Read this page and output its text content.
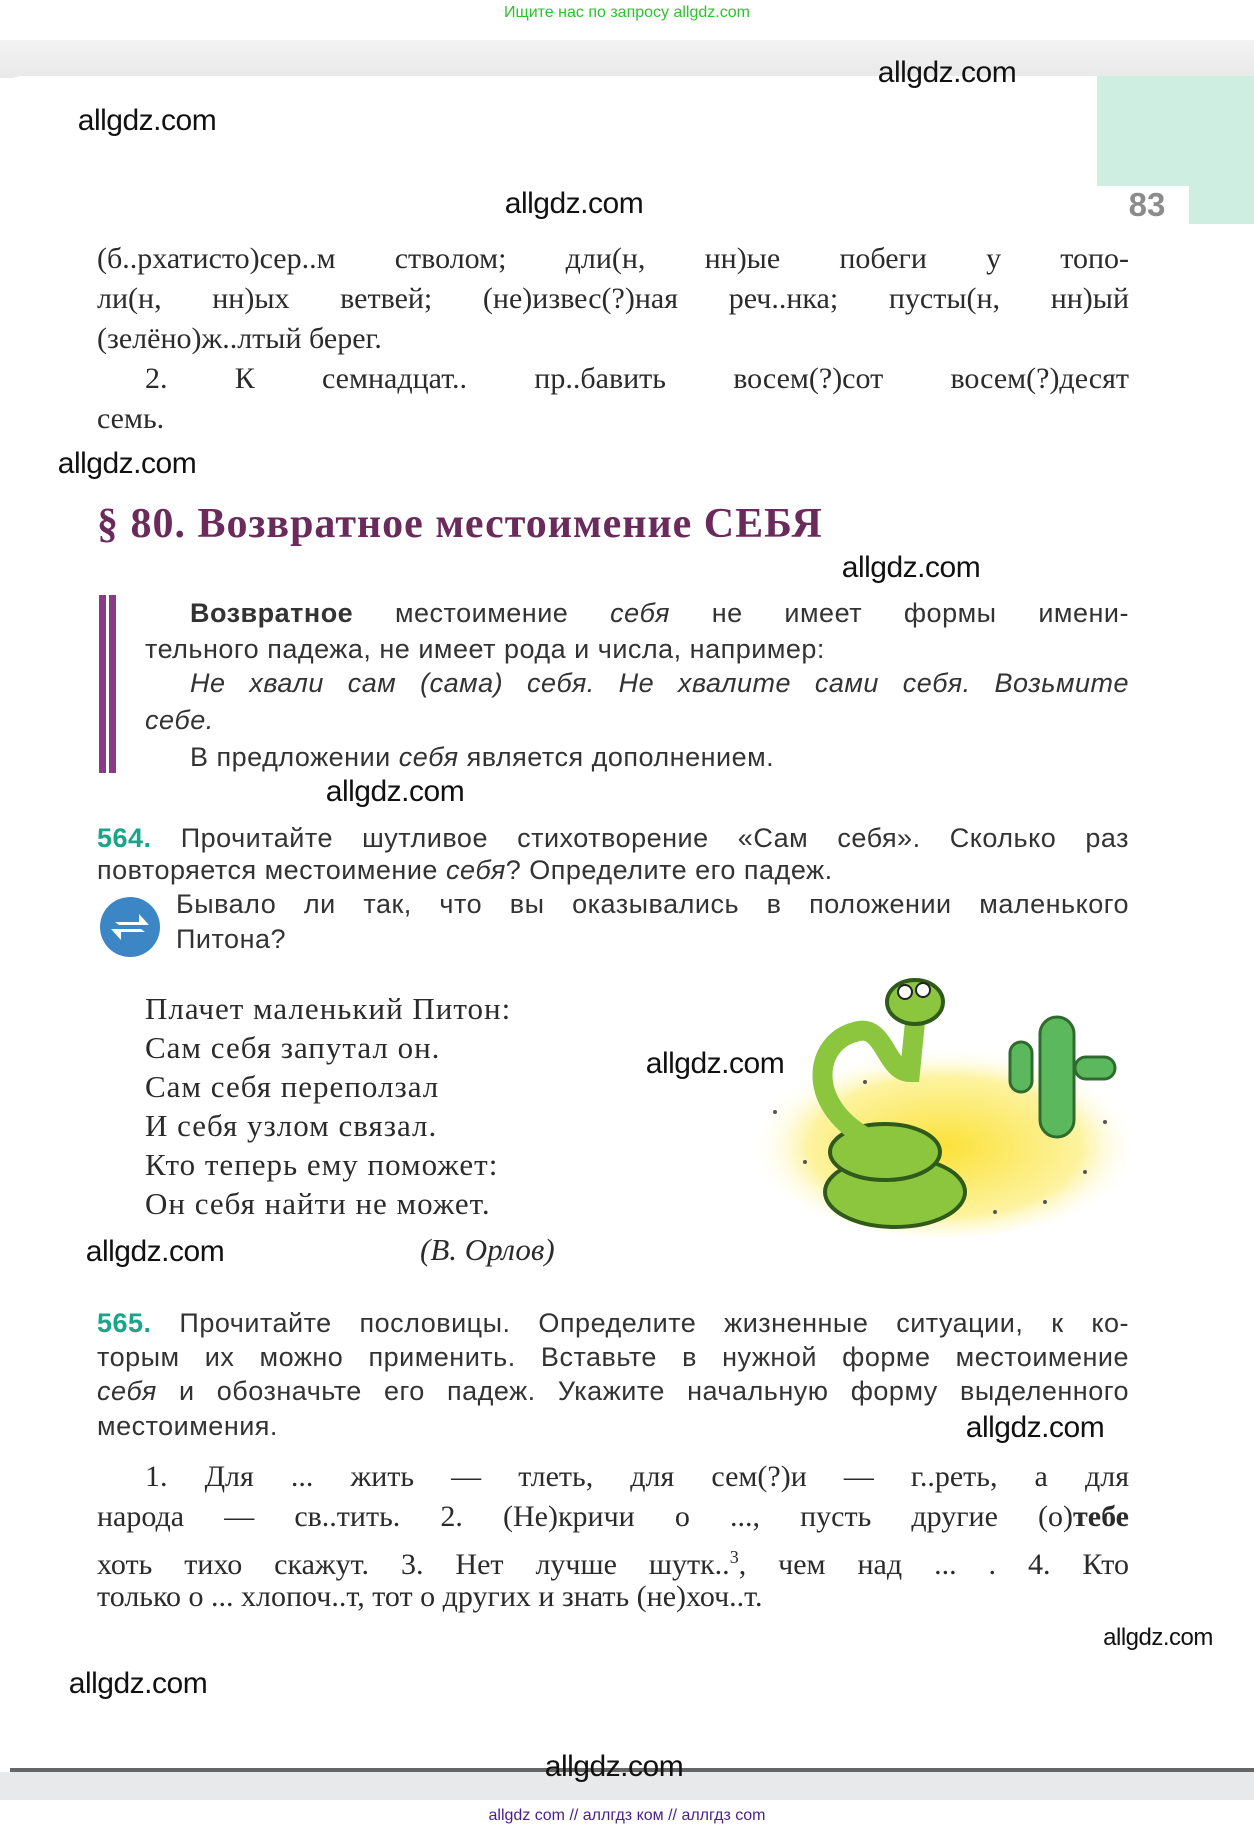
Ищите нас по запросу allgdz.com
83
(б..рхатисто)сер..м стволом; дли(н, нн)ые побеги у топо-
ли(н, нн)ых ветвей; (не)извес(?)ная реч..нка; пусты(н, нн)ый
(зелёно)ж..лтый берег.
2. К семнадцат.. пр..бавить восем(?)сот восем(?)десят
семь.
§ 80. Возвратное местоимение СЕБЯ
Возвратное местоимение себя не имеет формы имени-
тельного падежа, не имеет рода и числа, например:
Не хвали сам (сама) себя. Не хвалите сами себя. Возьмите
себе.
В предложении себя является дополнением.
564. Прочитайте шутливое стихотворение «Сам себя». Сколько раз
повторяется местоимение себя? Определите его падеж.
Бывало ли так, что вы оказывались в положении маленького
Питона?
Плачет маленький Питон:
Сам себя запутал он.
Сам себя переползал
И себя узлом связал.
Кто теперь ему поможет:
Он себя найти не может.
(В. Орлов)
565. Прочитайте пословицы. Определите жизненные ситуации, к ко-
торым их можно применить. Вставьте в нужной форме местоимение
себя и обозначьте его падеж. Укажите начальную форму выделенного
местоимения.
1. Для ... жить — тлеть, для сем(?)и — г..реть, а для
народа — св..тить. 2. (Не)кричи о ..., пусть другие (о)тебе
хоть тихо скажут. 3. Нет лучше шутк..$^3$, чем над ... . 4. Кто
только о ... хлопоч..т, тот о других и знать (не)хоч..т.
allgdz.com
allgdz.com
allgdz.com
allgdz.com
allgdz.com
allgdz.com
allgdz.com
allgdz.com
allgdz.com
allgdz.com
allgdz.com
allgdz.com
allgdz com // аллгдз ком // аллгдз com
